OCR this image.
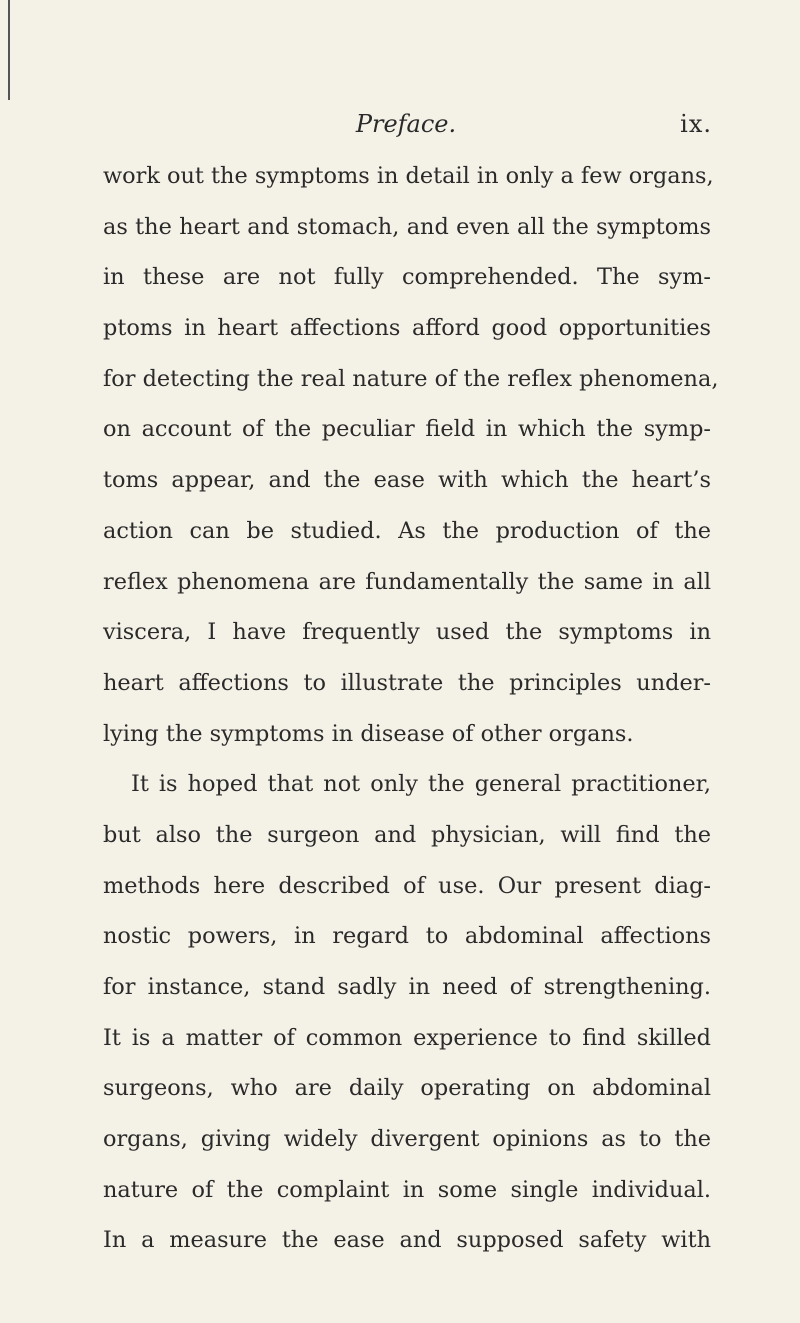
Preface.	ix.
work out the symptoms in detail in only a few organs,
as the heart and stomach, and even all the symptoms
in these are not fully comprehended. The sym-
ptoms in heart affections afford good opportunities
for detecting the real nature of the reflex phenomena,
on account of the peculiar field in which the symp-
toms appear, and the ease with which the heart’s
action can be studied. As the production of the
reflex phenomena are fundamentally the same in all
viscera, I have frequently used the symptoms in
heart affections to illustrate the principles under-
lying the symptoms in disease of other organs.
It is hoped that not only the general practitioner,
but also the surgeon and physician, will find the
methods here described of use. Our present diag-
nostic powers, in regard to abdominal affections
for instance, stand sadly in need of strengthening.
It is a matter of common experience to find skilled
surgeons, who are daily operating on abdominal
organs, giving widely divergent opinions as to the
nature of the complaint in some single individual.
In a measure the ease and supposed safety with
